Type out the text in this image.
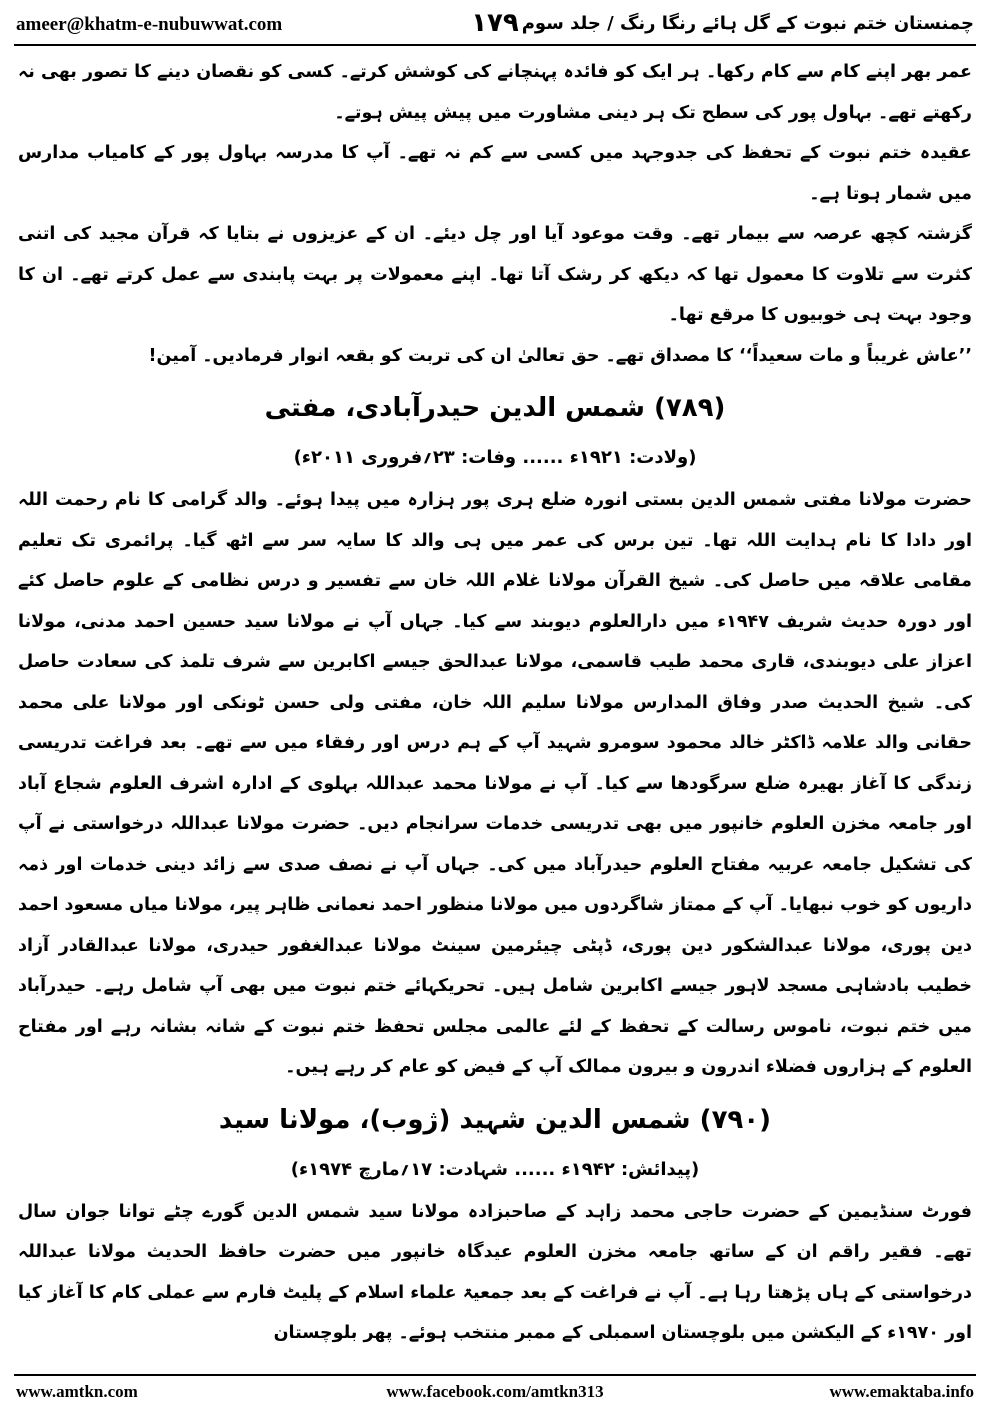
ameer@khatm-e-nubuwwat.com	۱۷۹ چمنستان ختم نبوت کے گل ہائے رنگا رنگ / جلد سوم

عمر بھر اپنے کام سے کام رکھا۔ ہر ایک کو فائدہ پہنچانے کی کوشش کرتے۔ کسی کو نقصان دینے کا تصور بھی نہ رکھتے تھے۔ بہاول پور کی سطح تک ہر دینی مشاورت میں پیش پیش ہوتے۔

عقیدہ ختم نبوت کے تحفظ کی جدوجہد میں کسی سے کم نہ تھے۔ آپ کا مدرسہ بہاول پور کے کامیاب مدارس میں شمار ہوتا ہے۔

گزشتہ کچھ عرصہ سے بیمار تھے۔ وقت موعود آیا اور چل دیئے۔ ان کے عزیزوں نے بتایا کہ قرآن مجید کی اتنی کثرت سے تلاوت کا معمول تھا کہ دیکھ کر رشک آتا تھا۔ اپنے معمولات پر بہت پابندی سے عمل کرتے تھے۔ ان کا وجود بہت ہی خوبیوں کا مرقع تھا۔

’’عاش غریباً و مات سعیداً‘‘ کا مصداق تھے۔ حق تعالیٰ ان کی تربت کو بقعہ انوار فرمادیں۔ آمین!

(۷۸۹) شمس الدین حیدرآبادی، مفتی
(ولادت: ۱۹۲۱ء ...... وفات: ۲۳؍فروری ۲۰۱۱ء)

حضرت مولانا مفتی شمس الدین بستی انورہ ضلع ہری پور ہزارہ میں پیدا ہوئے۔ والد گرامی کا نام رحمت اللہ اور دادا کا نام ہدایت اللہ تھا۔ تین برس کی عمر میں ہی والد کا سایہ سر سے اٹھ گیا۔ پرائمری تک تعلیم مقامی علاقہ میں حاصل کی۔ شیخ القرآن مولانا غلام اللہ خان سے تفسیر و درس نظامی کے علوم حاصل کئے اور دورہ حدیث شریف ۱۹۴۷ء میں دارالعلوم دیوبند سے کیا۔ جہاں آپ نے مولانا سید حسین احمد مدنی، مولانا اعزاز علی دیوبندی، قاری محمد طیب قاسمی، مولانا عبدالحق جیسے اکابرین سے شرف تلمذ کی سعادت حاصل کی۔ شیخ الحدیث صدر وفاق المدارس مولانا سلیم اللہ خان، مفتی ولی حسن ٹونکی اور مولانا علی محمد حقانی والد علامہ ڈاکٹر خالد محمود سومرو شہید آپ کے ہم درس اور رفقاء میں سے تھے۔ بعد فراغت تدریسی زندگی کا آغاز بھیرہ ضلع سرگودھا سے کیا۔ آپ نے مولانا محمد عبداللہ بہلوی کے ادارہ اشرف العلوم شجاع آباد اور جامعہ مخزن العلوم خانپور میں بھی تدریسی خدمات سرانجام دیں۔ حضرت مولانا عبداللہ درخواستی نے آپ کی تشکیل جامعہ عربیہ مفتاح العلوم حیدرآباد میں کی۔ جہاں آپ نے نصف صدی سے زائد دینی خدمات اور ذمہ داریوں کو خوب نبھایا۔ آپ کے ممتاز شاگردوں میں مولانا منظور احمد نعمانی ظاہر پیر، مولانا میاں مسعود احمد دین پوری، مولانا عبدالشکور دین پوری، ڈپٹی چیئرمین سینٹ مولانا عبدالغفور حیدری، مولانا عبدالقادر آزاد خطیب بادشاہی مسجد لاہور جیسے اکابرین شامل ہیں۔ تحریکہائے ختم نبوت میں بھی آپ شامل رہے۔ حیدرآباد میں ختم نبوت، ناموس رسالت کے تحفظ کے لئے عالمی مجلس تحفظ ختم نبوت کے شانہ بشانہ رہے اور مفتاح العلوم کے ہزاروں فضلاء اندرون و بیرون ممالک آپ کے فیض کو عام کر رہے ہیں۔

(۷۹۰) شمس الدین شہید (ژوب)، مولانا سید
(پیدائش: ۱۹۴۲ء ...... شہادت: ۱۷؍مارچ ۱۹۷۴ء)

فورٹ سنڈیمین کے حضرت حاجی محمد زاہد کے صاحبزادہ مولانا سید شمس الدین گورے چٹے توانا جوان سال تھے۔ فقیر راقم ان کے ساتھ جامعہ مخزن العلوم عیدگاہ خانپور میں حضرت حافظ الحدیث مولانا عبداللہ درخواستی کے ہاں پڑھتا رہا ہے۔ آپ نے فراغت کے بعد جمعیۃ علماء اسلام کے پلیٹ فارم سے عملی کام کا آغاز کیا اور ۱۹۷۰ء کے الیکشن میں بلوچستان اسمبلی کے ممبر منتخب ہوئے۔ پھر بلوچستان

www.amtkn.com	www.facebook.com/amtkn313	www.emaktaba.info
